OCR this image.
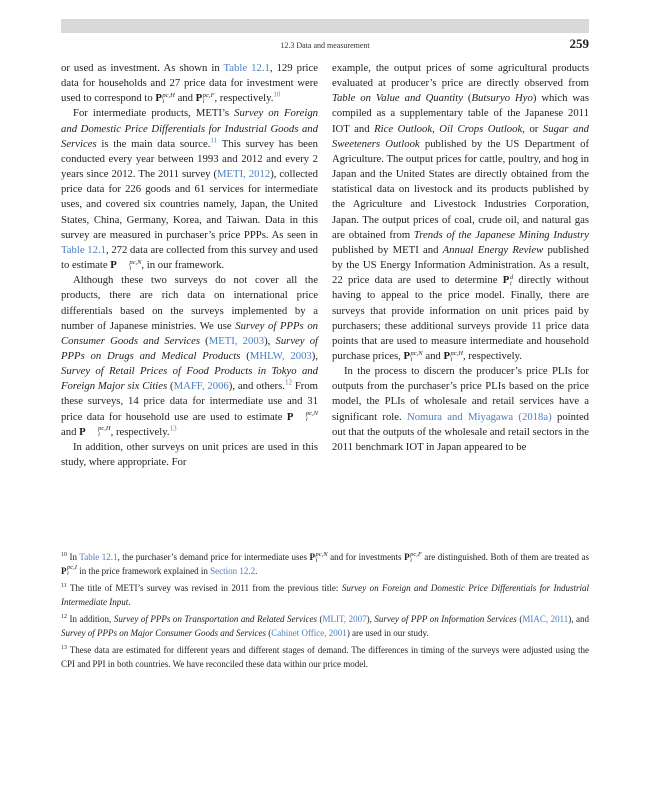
12.3 Data and measurement	259

or used as investment. As shown in Table 12.1, 129 price data for households and 27 price data for investment were used to correspond to P pc,H
i	and P pc,F
i , respectively.$^{10}$

For intermediate products, METI’s Survey on Foreign and Domestic Price Differentials for Industrial Goods and Services is the main data source.$^{11}$ This survey has been conducted every year between 1993 and 2012 and every 2 years since 2012. The 2011 survey (METI, 2012), collected price data for 226 goods and 61 services for intermediate uses, and covered six countries namely, Japan, the United States, China, Germany, Korea, and Taiwan. Data in this survey are measured in purchaser’s price PPPs. As seen in Table 12.1, 272 data are collected from this survey and used to estimate P	pc,N
i , in our framework.

Although these two surveys do not cover all the products, there are rich data on international price differentials based on the surveys implemented by a number of Japanese ministries. We use Survey of PPPs on Consumer Goods and Services (METI, 2003), Survey of PPPs on Drugs and Medical Products (MHLW, 2003), Survey of Retail Prices of Food Products in Tokyo and Foreign Major six Cities (MAFF, 2006), and others.$^{12}$ From these surveys, 14 price data for intermediate use and 31 price data for household use are used to estimate P	pc,N
i
and P	pc,H
i , respectively.$^{13}$

In addition, other surveys on unit prices are used in this study, where appropriate. For

example, the output prices of some agricultural products evaluated at producer’s price are directly observed from Table on Value and Quantity (Butsuryo Hyo) which was compiled as a supplementary table of the Japanese 2011 IOT and Rice Outlook, Oil Crops Outlook, or Sugar and Sweeteners Outlook published by the US Department of Agriculture. The output prices for cattle, poultry, and hog in Japan and the United States are directly obtained from the statistical data on livestock and its products published by the Agriculture and Livestock Industries Corporation, Japan. The output prices of coal, crude oil, and natural gas are obtained from Trends of the Japanese Mining Industry published by METI and Annual Energy Review published by the US Energy Information Administration. As a result, 22 price data are used to determine P d
i directly without having to appeal to the price model. Finally, there are surveys that provide information on unit prices paid by purchasers; these additional surveys provide 11 price data points that are used to measure intermediate and household purchase prices, P pc,N
i	and P pc,H
i , respectively.

In the process to discern the producer’s price PLIs for outputs from the purchaser’s price PLIs based on the price model, the PLIs of wholesale and retail services have a significant role. Nomura and Miyagawa (2018a) pointed out that the outputs of the wholesale and retail sectors in the 2011 benchmark IOT in Japan appeared to be

$^{10}$ In Table 12.1, the purchaser’s demand price for intermediate uses P pc,N
i	and for investments P pc,F
i	are distinguished. Both of them are treated as P pc,I
i	in the price framework explained in Section 12.2.

$^{11}$ The title of METI’s survey was revised in 2011 from the previous title: Survey on Foreign and Domestic Price Differentials for Industrial Intermediate Input.

$^{12}$ In addition, Survey of PPPs on Transportation and Related Services (MLIT, 2007), Survey of PPP on Information Services (MIAC, 2011), and Survey of PPPs on Major Consumer Goods and Services (Cabinet Office, 2001) are used in our study.

$^{13}$ These data are estimated for different years and different stages of demand. The differences in timing of the surveys were adjusted using the CPI and PPI in both countries. We have reconciled these data within our price model.
